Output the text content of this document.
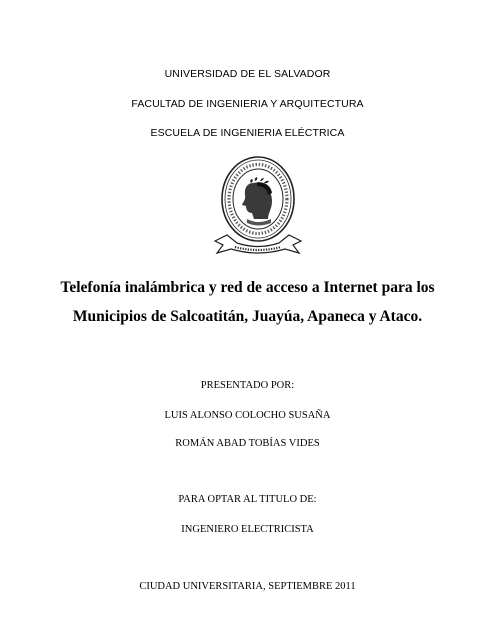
UNIVERSIDAD DE EL SALVADOR
FACULTAD DE INGENIERIA Y ARQUITECTURA
ESCUELA DE INGENIERIA ELÉCTRICA
Telefonía inalámbrica y red de acceso a Internet para los
Municipios de Salcoatitán, Juayúa, Apaneca y Ataco.
PRESENTADO POR:
LUIS ALONSO COLOCHO SUSAÑA
ROMÁN ABAD TOBÍAS VIDES
PARA OPTAR AL TITULO DE:
INGENIERO ELECTRICISTA
CIUDAD UNIVERSITARIA, SEPTIEMBRE 2011
